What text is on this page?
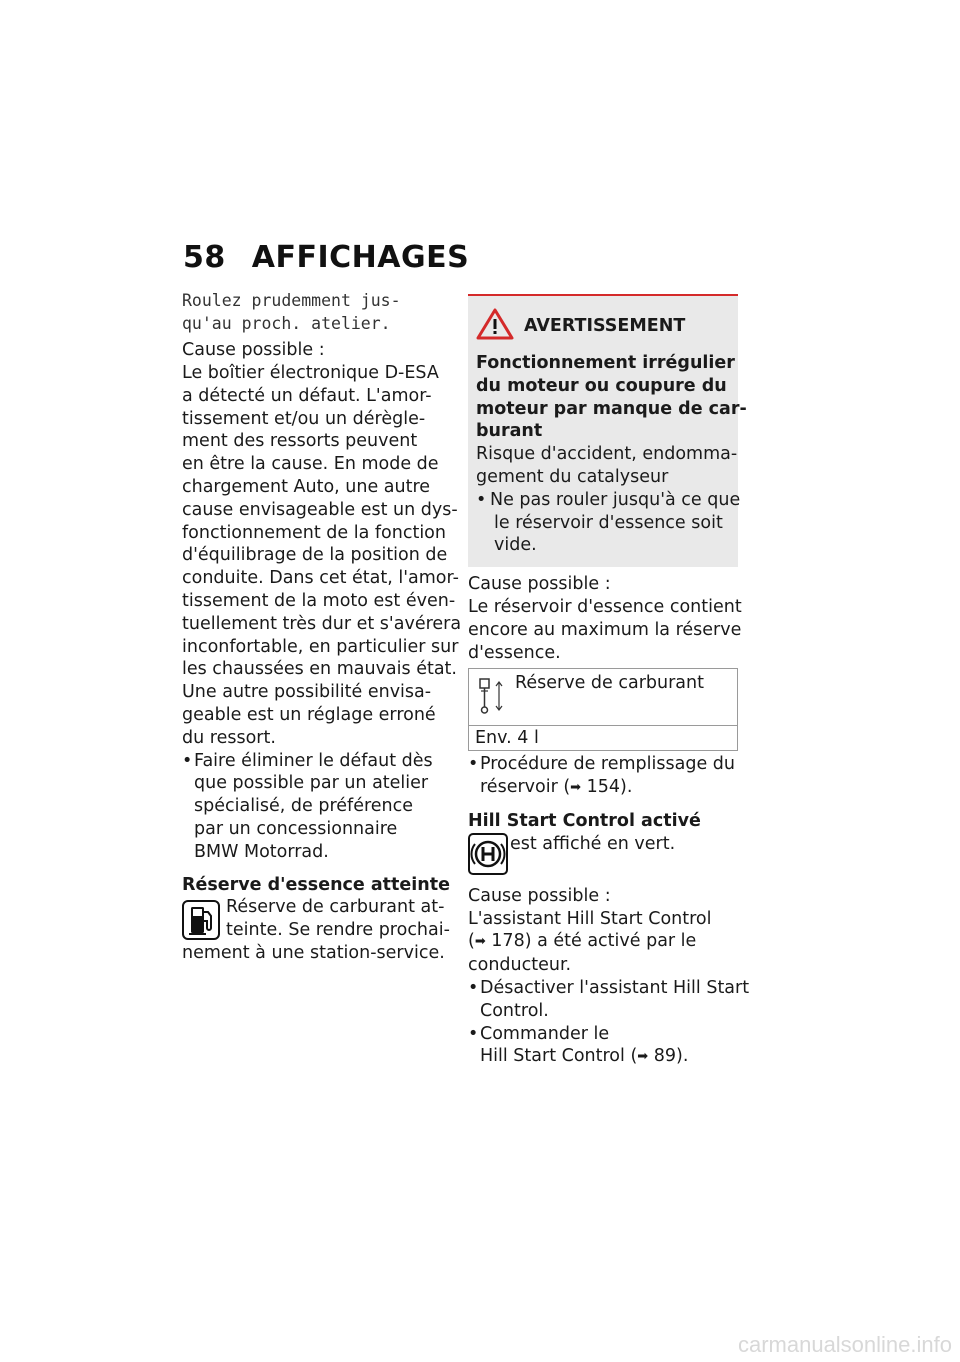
58 AFFICHAGES
Roulez prudemment jus-
qu'au proch. atelier.
Cause possible :
Le boîtier électronique D-ESA
a détecté un défaut. L'amor-
tissement et/ou un dérègle-
ment des ressorts peuvent
en être la cause. En mode de
chargement Auto, une autre
cause envisageable est un dys-
fonctionnement de la fonction
d'équilibrage de la position de
conduite. Dans cet état, l'amor-
tissement de la moto est éven-
tuellement très dur et s'avérera
inconfortable, en particulier sur
les chaussées en mauvais état.
Une autre possibilité envisa-
geable est un réglage erroné
du ressort.
• Faire éliminer le défaut dès
que possible par un atelier
spécialisé, de préférence
par un concessionnaire
BMW Motorrad.
Réserve d'essence atteinte
Réserve de carburant at-
teinte. Se rendre prochai-
nement à une station-service.
AVERTISSEMENT
Fonctionnement irrégulier
du moteur ou coupure du
moteur par manque de car-
burant
Risque d'accident, endomma-
gement du catalyseur
• Ne pas rouler jusqu'à ce que
le réservoir d'essence soit
vide.
Cause possible :
Le réservoir d'essence contient
encore au maximum la réserve
d'essence.
Réserve de carburant
Env. 4 l
• Procédure de remplissage du
réservoir (➡ 154).
Hill Start Control activé
est affiché en vert.
Cause possible :
L'assistant Hill Start Control
(➡ 178) a été activé par le
conducteur.
• Désactiver l'assistant Hill Start
Control.
• Commander le
Hill Start Control (➡ 89).
carmanualsonline.info
